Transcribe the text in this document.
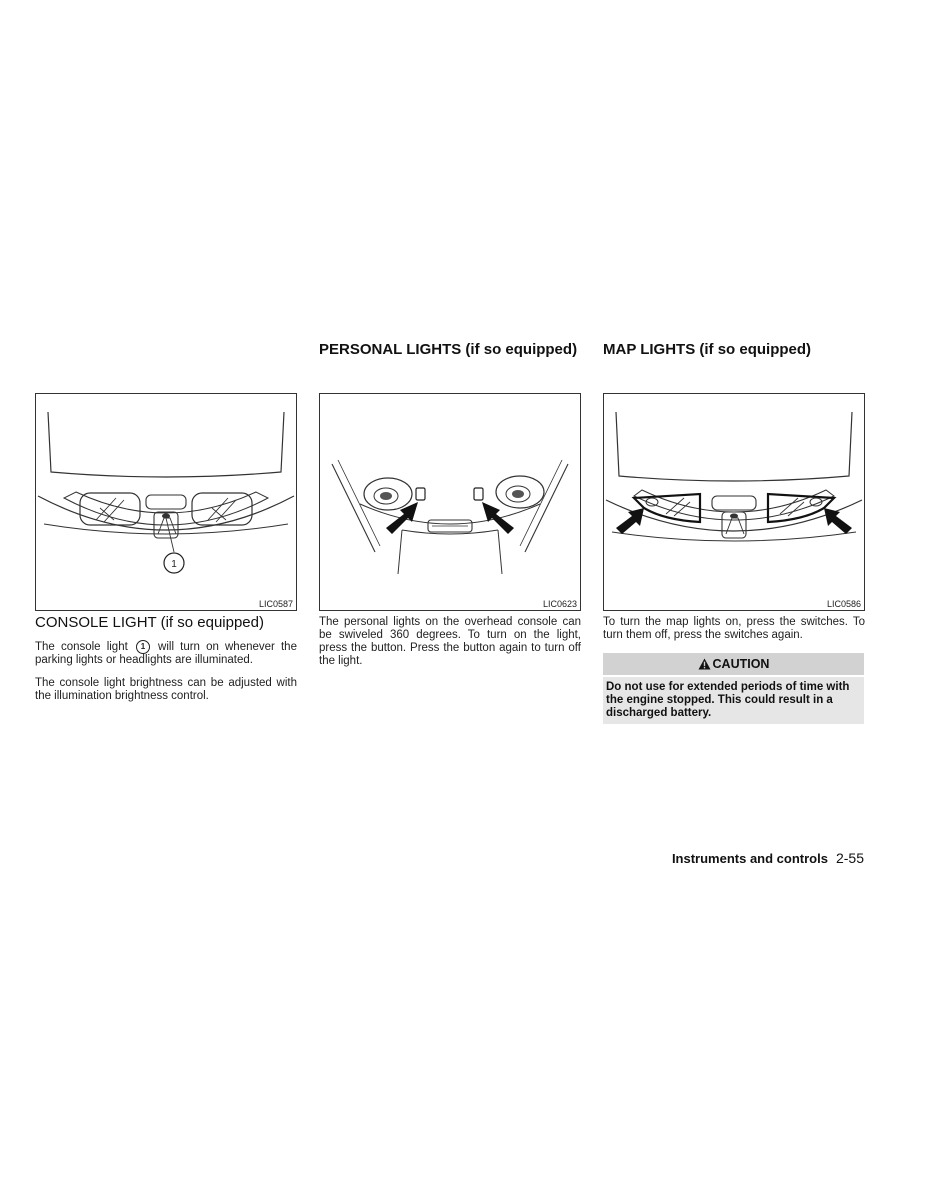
PERSONAL LIGHTS (if so equipped) MAP LIGHTS (if so equipped)
1
LIC0587	LIC0623	LIC0586
CONSOLE LIGHT (if so equipped)

The console light 1 will turn on whenever the parking lights or headlights are illuminated.

The console light brightness can be adjusted with the illumination brightness control.

The personal lights on the overhead console can be swiveled 360 degrees. To turn on the light, press the button. Press the button again to turn off the light.

To turn the map lights on, press the switches. To turn them off, press the switches again.

CAUTION
Do not use for extended periods of time with the engine stopped. This could result in a discharged battery.
Instruments and controls 2-55
